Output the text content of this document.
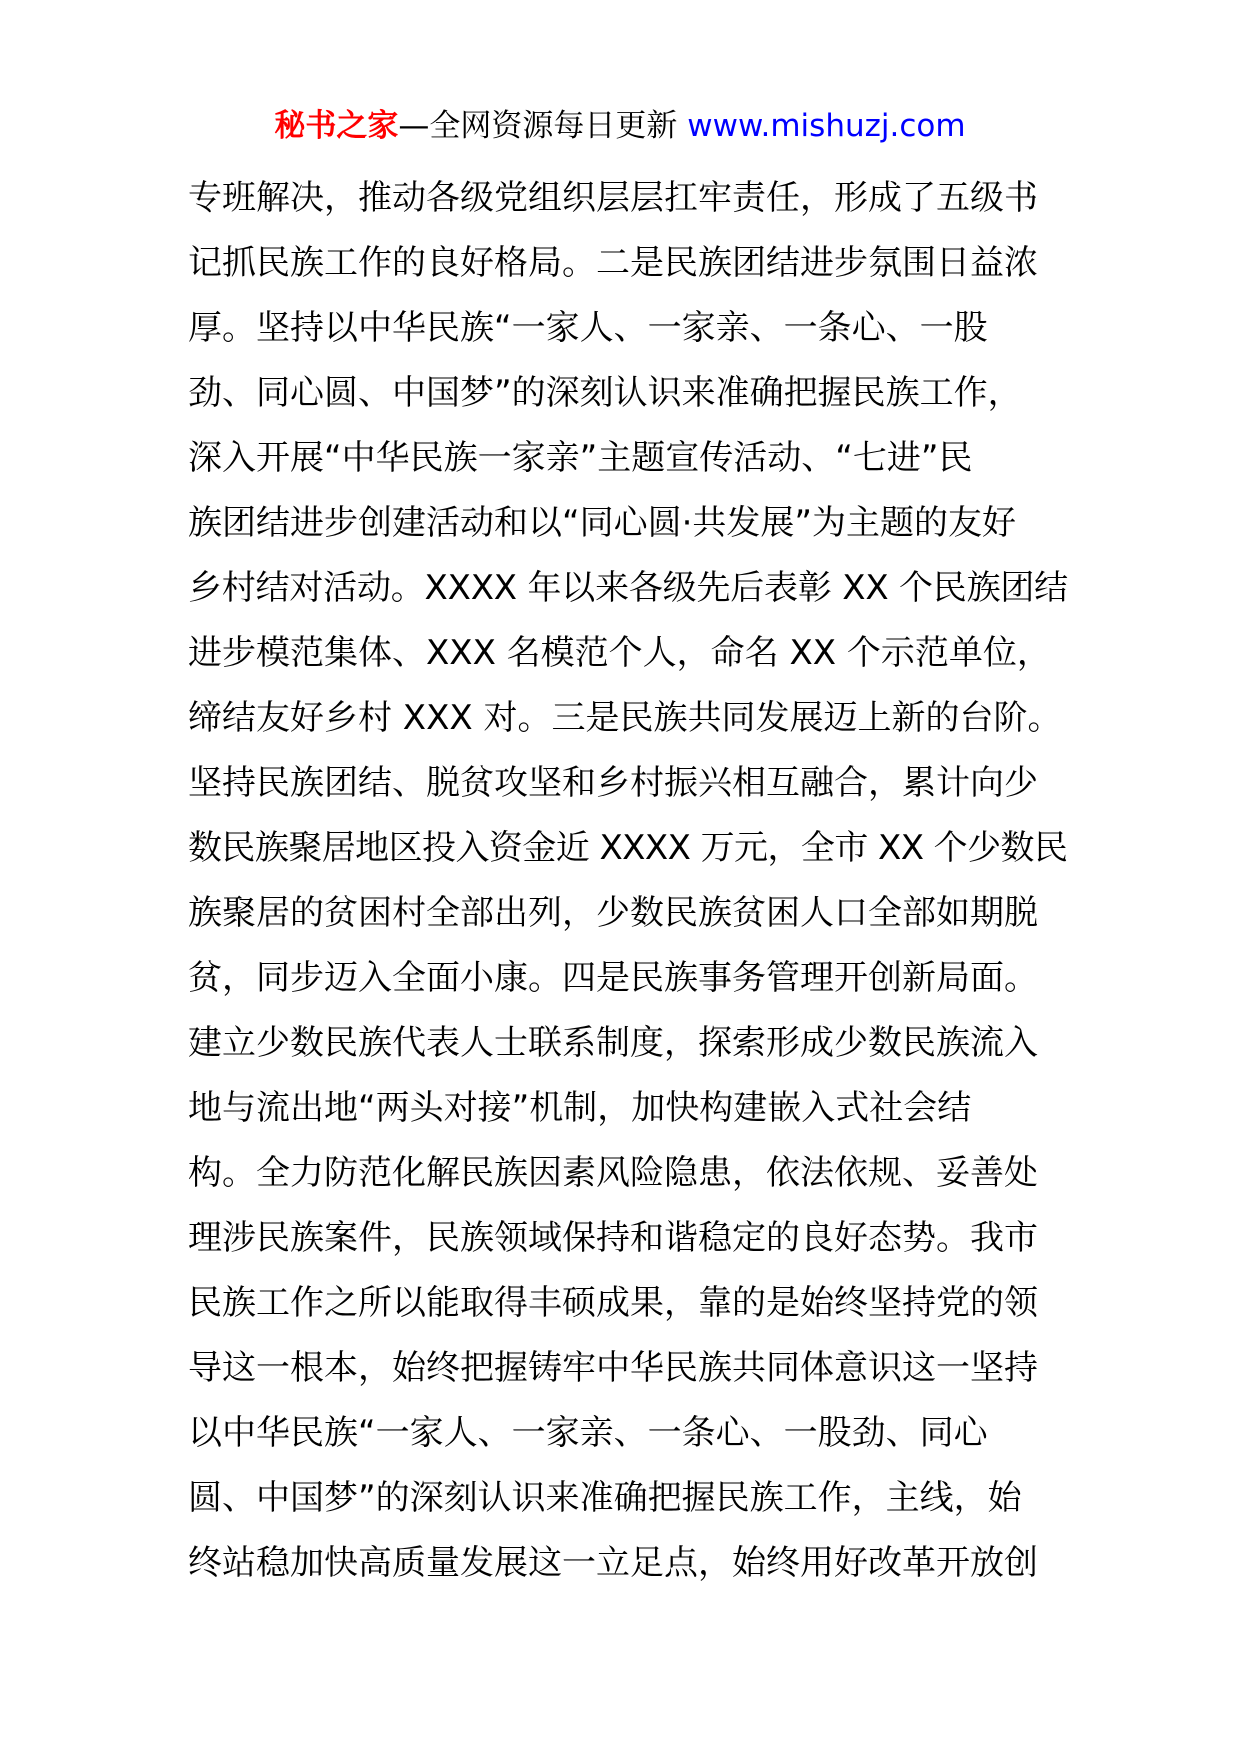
秘书之家—全网资源每日更新 www.mishuzj.com
专班解决，推动各级党组织层层扛牢责任，形成了五级书
记抓民族工作的良好格局。二是民族团结进步氛围日益浓
厚。坚持以中华民族“一家人、一家亲、一条心、一股
劲、同心圆、中国梦”的深刻认识来准确把握民族工作，
深入开展“中华民族一家亲”主题宣传活动、“七进”民
族团结进步创建活动和以“同心圆·共发展”为主题的友好
乡村结对活动。XXXX 年以来各级先后表彰 XX 个民族团结
进步模范集体、XXX 名模范个人，命名 XX 个示范单位，
缔结友好乡村 XXX 对。三是民族共同发展迈上新的台阶。
坚持民族团结、脱贫攻坚和乡村振兴相互融合，累计向少
数民族聚居地区投入资金近 XXXX 万元，全市 XX 个少数民
族聚居的贫困村全部出列，少数民族贫困人口全部如期脱
贫，同步迈入全面小康。四是民族事务管理开创新局面。
建立少数民族代表人士联系制度，探索形成少数民族流入
地与流出地“两头对接”机制，加快构建嵌入式社会结
构。全力防范化解民族因素风险隐患，依法依规、妥善处
理涉民族案件，民族领域保持和谐稳定的良好态势。我市
民族工作之所以能取得丰硕成果，靠的是始终坚持党的领
导这一根本，始终把握铸牢中华民族共同体意识这一坚持
以中华民族“一家人、一家亲、一条心、一股劲、同心
圆、中国梦”的深刻认识来准确把握民族工作，主线，始
终站稳加快高质量发展这一立足点，始终用好改革开放创
